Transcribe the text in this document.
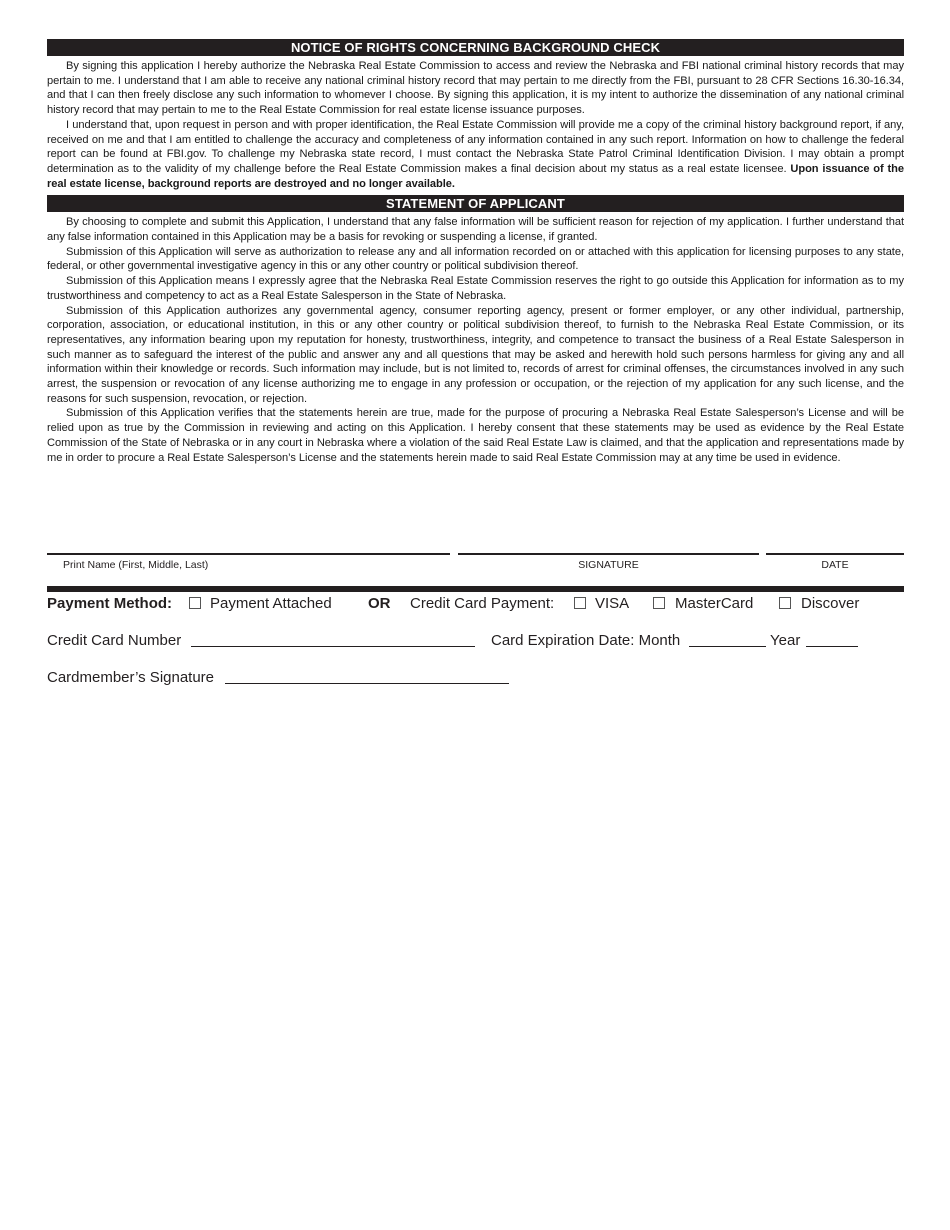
NOTICE OF RIGHTS CONCERNING BACKGROUND CHECK

By signing this application I hereby authorize the Nebraska Real Estate Commission to access and review the Nebraska and FBI national criminal history records that may pertain to me. I understand that I am able to receive any national criminal history record that may pertain to me directly from the FBI, pursuant to 28 CFR Sections 16.30-16.34, and that I can then freely disclose any such information to whomever I choose. By signing this application, it is my intent to authorize the dissemination of any national criminal history record that may pertain to me to the Real Estate Commission for real estate license issuance purposes.

I understand that, upon request in person and with proper identification, the Real Estate Commission will provide me a copy of the criminal history background report, if any, received on me and that I am entitled to challenge the accuracy and completeness of any information contained in any such report. Information on how to challenge the federal report can be found at FBI.gov. To challenge my Nebraska state record, I must contact the Nebraska State Patrol Criminal Identification Division. I may obtain a prompt determination as to the validity of my challenge before the Real Estate Commission makes a final decision about my status as a real estate licensee. Upon issuance of the real estate license, background reports are destroyed and no longer available.

STATEMENT OF APPLICANT

By choosing to complete and submit this Application, I understand that any false information will be sufficient reason for rejection of my application. I further understand that any false information contained in this Application may be a basis for revoking or suspending a license, if granted.

Submission of this Application will serve as authorization to release any and all information recorded on or attached with this application for licensing purposes to any state, federal, or other governmental investigative agency in this or any other country or political subdivision thereof.

Submission of this Application means I expressly agree that the Nebraska Real Estate Commission reserves the right to go outside this Application for information as to my trustworthiness and competency to act as a Real Estate Salesperson in the State of Nebraska.

Submission of this Application authorizes any governmental agency, consumer reporting agency, present or former employer, or any other individual, partnership, corporation, association, or educational institution, in this or any other country or political subdivision thereof, to furnish to the Nebraska Real Estate Commission, or its representatives, any information bearing upon my reputation for honesty, trustworthiness, integrity, and competence to transact the business of a Real Estate Salesperson in such manner as to safeguard the interest of the public and answer any and all questions that may be asked and herewith hold such persons harmless for giving any and all information within their knowledge or records. Such information may include, but is not limited to, records of arrest for criminal offenses, the circumstances involved in any such arrest, the suspension or revocation of any license authorizing me to engage in any profession or occupation, or the rejection of my application for any such license, and the reasons for such suspension, revocation, or rejection.

Submission of this Application verifies that the statements herein are true, made for the purpose of procuring a Nebraska Real Estate Salesperson’s License and will be relied upon as true by the Commission in reviewing and acting on this Application. I hereby consent that these statements may be used as evidence by the Real Estate Commission of the State of Nebraska or in any court in Nebraska where a violation of the said Real Estate Law is claimed, and that the application and representations made by me in order to procure a Real Estate Salesperson’s License and the statements herein made to said Real Estate Commission may at any time be used in evidence.

Print Name (First, Middle, Last)	SIGNATURE	DATE
Payment Method:	Payment Attached OR Credit Card Payment:	VISA	MasterCard	Discover
Credit Card Number	Card Expiration Date: Month	Year
Cardmember’s Signature
